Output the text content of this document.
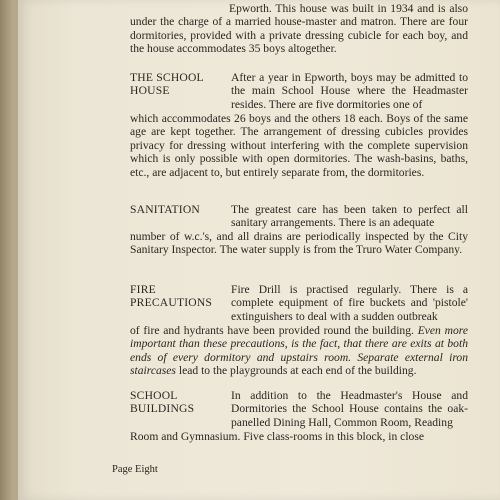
Epworth. This house was built in 1934 and is also under the charge of a married house-master and matron. There are four dormitories, provided with a private dressing cubicle for each boy, and the house accommodates 35 boys altogether.

THE SCHOOL
HOUSE

After a year in Epworth, boys may be admitted to the main School House where the Headmaster resides. There are five dormitories one of

which accommodates 26 boys and the others 18 each. Boys of the same age are kept together. The arrangement of dressing cubicles provides privacy for dressing without interfering with the complete supervision which is only possible with open dormitories. The wash-basins, baths, etc., are adjacent to, but entirely separate from, the dormitories.

SANITATION	The greatest care has been taken to perfect all sanitary arrangements. There is an adequate

number of w.c.'s, and all drains are periodically inspected by the City Sanitary Inspector. The water supply is from the Truro Water Company.

FIRE
PRECAUTIONS

Fire Drill is practised regularly. There is a complete equipment of fire buckets and 'pistole' extinguishers to deal with a sudden outbreak

of fire and hydrants have been provided round the building. Even more important than these precautions, is the fact, that there are exits at both ends of every dormitory and upstairs room. Separate external iron staircases lead to the playgrounds at each end of the building.

SCHOOL
BUILDINGS

In addition to the Headmaster's House and Dormitories the School House contains the oak-panelled Dining Hall, Common Room, Reading

Room and Gymnasium. Five class-rooms in this block, in close

Page Eight
